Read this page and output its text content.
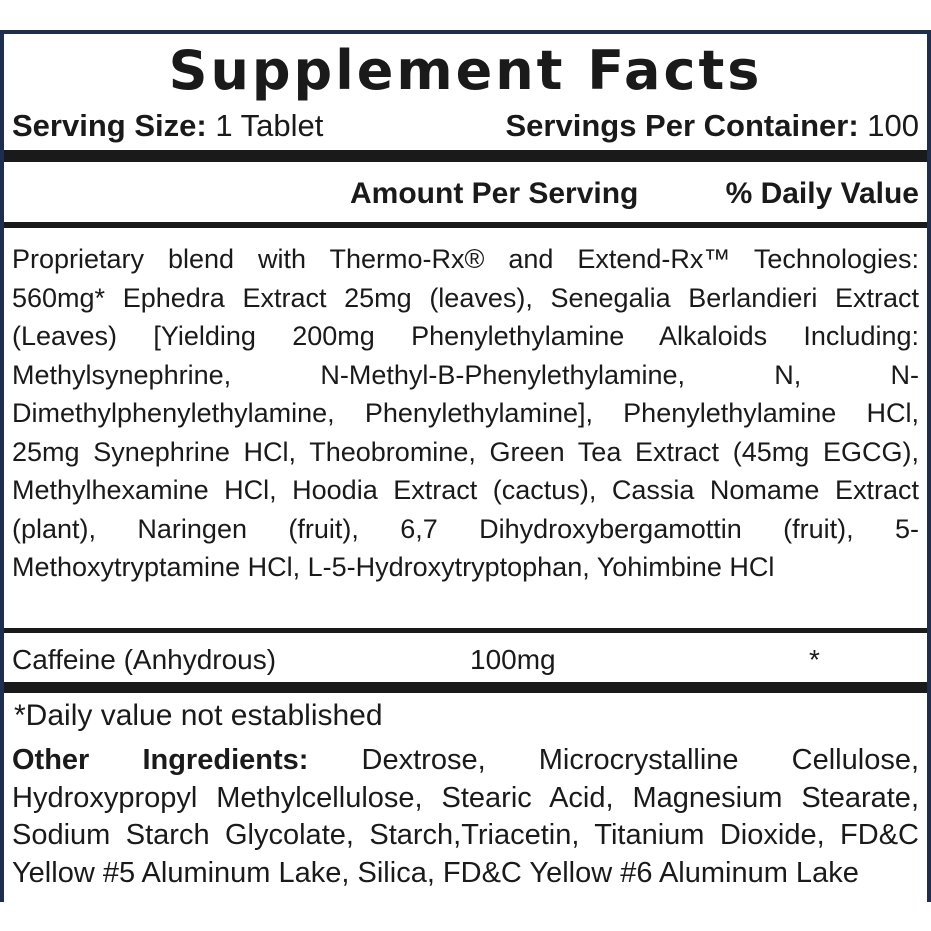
Supplement Facts
Serving Size: 1 Tablet	Servings Per Container: 100
Amount Per Serving	% Daily Value
Proprietary blend with Thermo-Rx® and Extend-Rx™ Technologies: 560mg* Ephedra Extract 25mg (leaves), Senegalia Berlandieri Extract (Leaves) [Yielding 200mg Phenylethylamine Alkaloids Including: Methylsynephrine, N-Methyl-B-Phenylethylamine, N, N-Dimethylphenylethylamine, Phenylethylamine], Phenylethylamine HCl, 25mg Synephrine HCl, Theobromine, Green Tea Extract (45mg EGCG), Methylhexamine HCl, Hoodia Extract (cactus), Cassia Nomame Extract (plant), Naringen (fruit), 6,7 Dihydroxybergamottin (fruit), 5-Methoxytryptamine HCl, L-5-Hydroxytryptophan, Yohimbine HCl
Caffeine (Anhydrous)	100mg	*
*Daily value not established
Other Ingredients: Dextrose, Microcrystalline Cellulose, Hydroxypropyl Methylcellulose, Stearic Acid, Magnesium Stearate, Sodium Starch Glycolate, Starch,Triacetin, Titanium Dioxide, FD&C Yellow #5 Aluminum Lake, Silica, FD&C Yellow #6 Aluminum Lake
